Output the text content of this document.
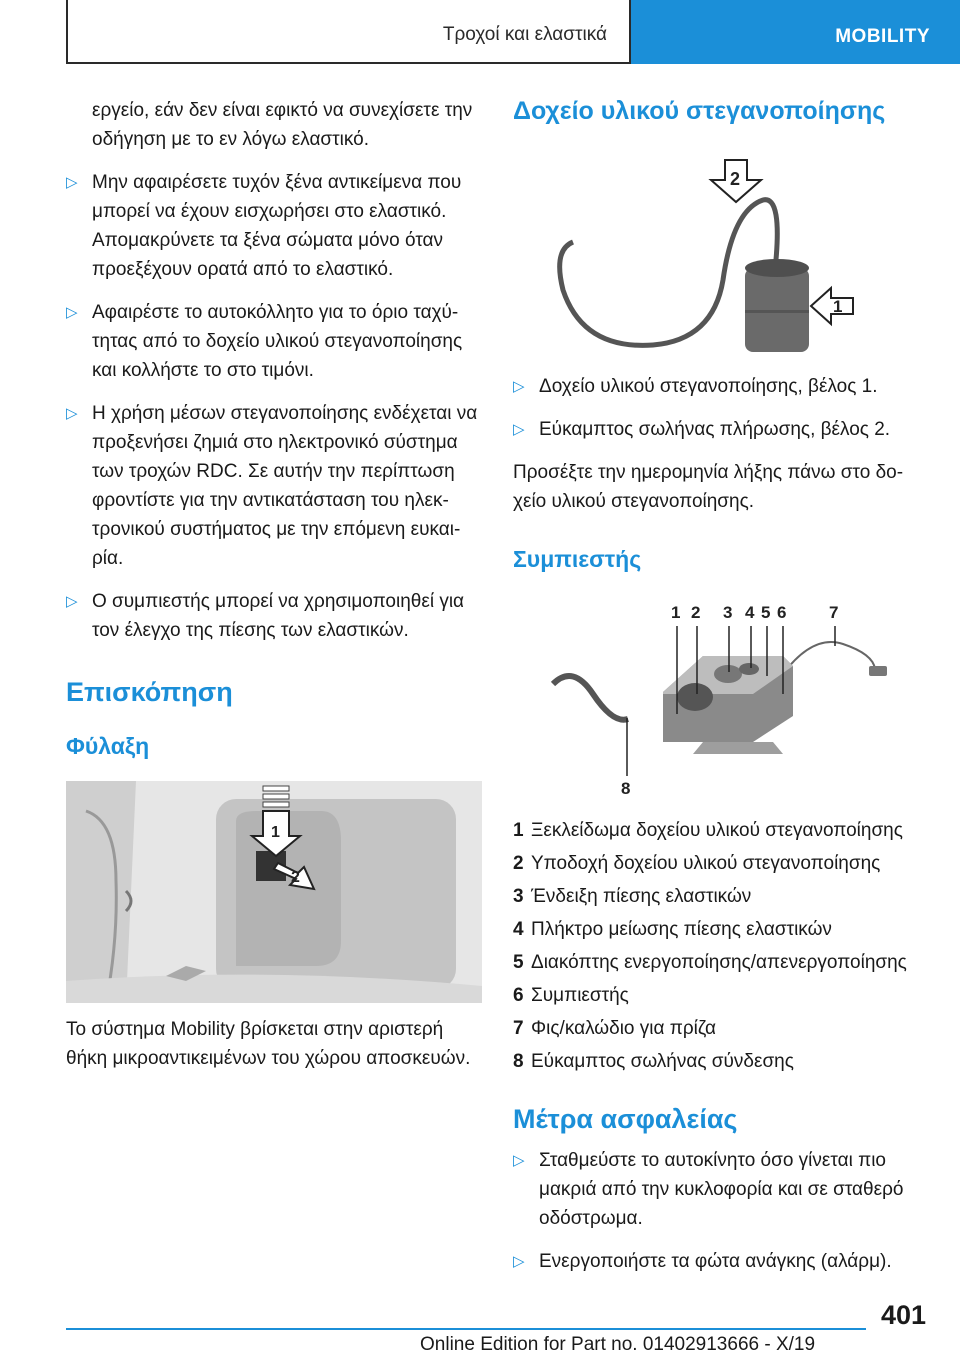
Τροχοί και ελαστικά	MOBILITY

εργείο, εάν δεν είναι εφικτό να συνεχίσετε την οδήγηση με το εν λόγω ελαστικό.

▷ Μην αφαιρέσετε τυχόν ξένα αντικείμενα που μπορεί να έχουν εισχωρήσει στο ελαστικό. Απομακρύνετε τα ξένα σώματα μόνο όταν προεξέχουν ορατά από το ελαστικό.
▷ Αφαιρέστε το αυτοκόλλητο για το όριο ταχύ‐τητας από το δοχείο υλικού στεγανοποίησης και κολλήστε το στο τιμόνι.
▷ Η χρήση μέσων στεγανοποίησης ενδέχεται να προξενήσει ζημιά στο ηλεκτρονικό σύστημα των τροχών RDC. Σε αυτήν την περίπτωση φροντίστε για την αντικατάσταση του ηλεκ‐τρονικού συστήματος με την επόμενη ευκαι‐ρία.
▷ Ο συμπιεστής μπορεί να χρησιμοποιηθεί για τον έλεγχο της πίεσης των ελαστικών.
Επισκόπηση
Φύλαξη
1
2

Το σύστημα Mobility βρίσκεται στην αριστερή θήκη μικροαντικειμένων του χώρου αποσκευών.

Δοχείο υλικού στεγανοποίησης
2
1
▷ Δοχείο υλικού στεγανοποίησης, βέλος 1.
▷ Εύκαμπτος σωλήνας πλήρωσης, βέλος 2.

Προσέξτε την ημερομηνία λήξης πάνω στο δο‐χείο υλικού στεγανοποίησης.

Συμπιεστής
1 2 3 4 5 6	7
8
1 Ξεκλείδωμα δοχείου υλικού στεγανοποίησης
2 Υποδοχή δοχείου υλικού στεγανοποίησης
3 Ένδειξη πίεσης ελαστικών
4 Πλήκτρο μείωσης πίεσης ελαστικών
5 Διακόπτης ενεργοποίησης/απενεργοποίησης
6 Συμπιεστής
7 Φις/καλώδιο για πρίζα
8 Εύκαμπτος σωλήνας σύνδεσης
Μέτρα ασφαλείας
▷ Σταθμεύστε το αυτοκίνητο όσο γίνεται πιο μακριά από την κυκλοφορία και σε σταθερό οδόστρωμα.
▷ Ενεργοποιήστε τα φώτα ανάγκης (αλάρμ).
401
Online Edition for Part no. 01402913666 - X/19
